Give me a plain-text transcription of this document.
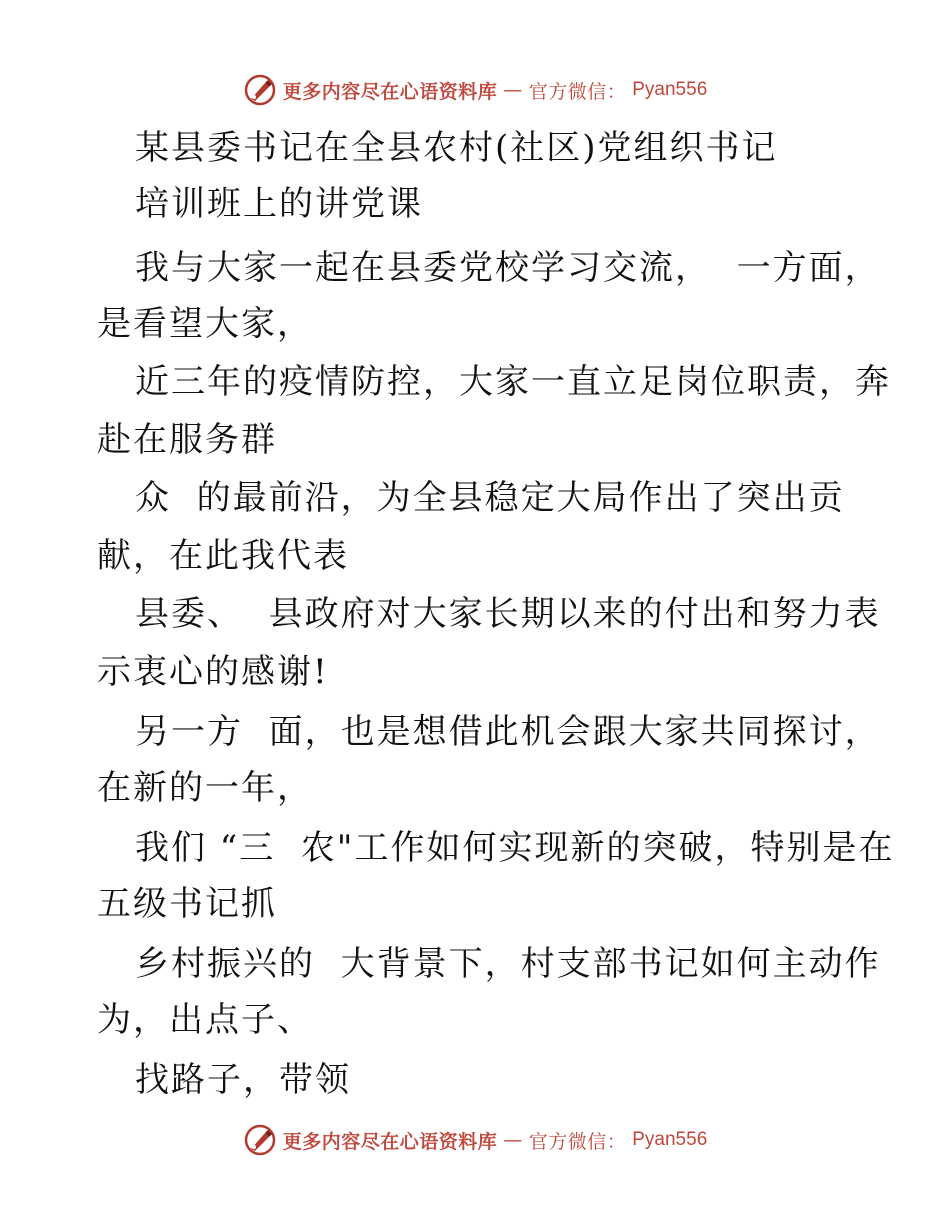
更多内容尽在心语资料库 — 官方微信： Pyan556
某县委书记在全县农村(社区)党组织书记
培训班上的讲党课
我与大家一起在县委党校学习交流，  一方面，
是看望大家，
近三年的疫情防控，大家一直立足岗位职责，奔
赴在服务群
众  的最前沿，为全县稳定大局作出了突出贡
献，在此我代表
县委、  县政府对大家长期以来的付出和努力表
示衷心的感谢!
另一方  面，也是想借此机会跟大家共同探讨，
在新的一年，
我们 “三  农"工作如何实现新的突破，特别是在
五级书记抓
乡村振兴的  大背景下，村支部书记如何主动作
为，出点子、
找路子，带领
更多内容尽在心语资料库 — 官方微信： Pyan556
